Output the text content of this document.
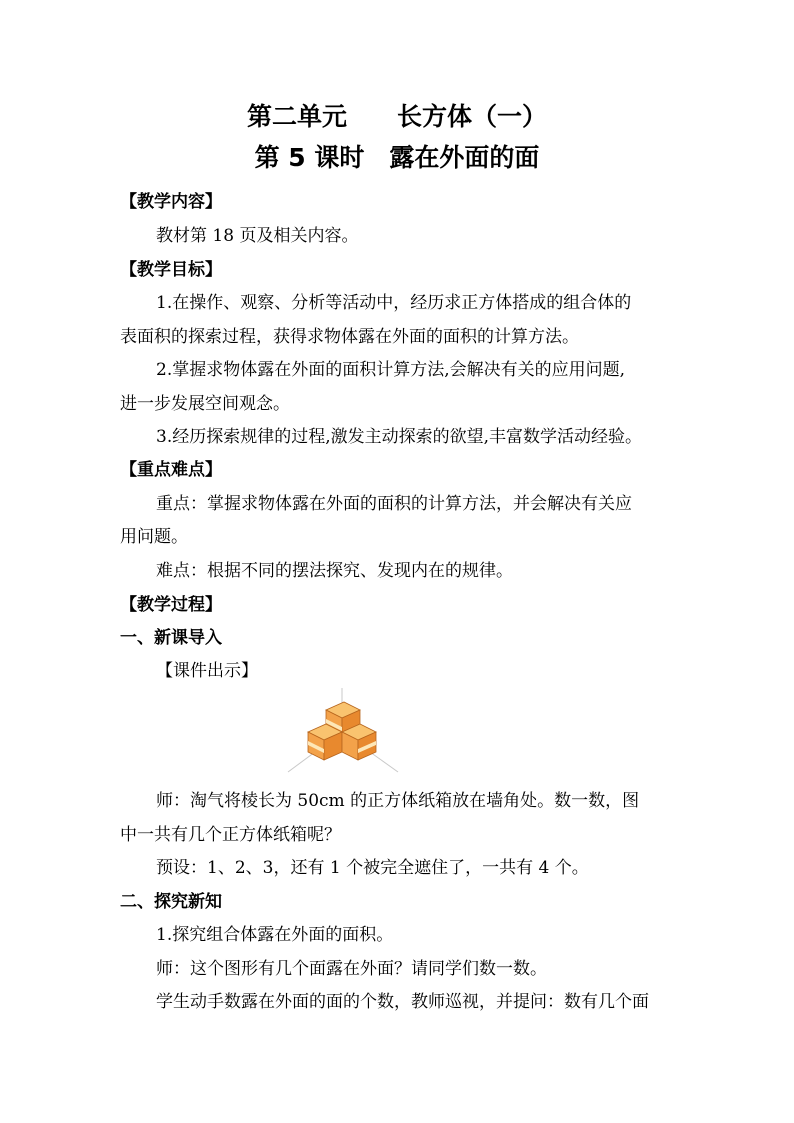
第二单元　　长方体（一）
第 5 课时　露在外面的面
【教学内容】
教材第 18 页及相关内容。
【教学目标】
1.在操作、观察、分析等活动中，经历求正方体搭成的组合体的
表面积的探索过程，获得求物体露在外面的面积的计算方法。
2.掌握求物体露在外面的面积计算方法,会解决有关的应用问题,
进一步发展空间观念。
3.经历探索规律的过程,激发主动探索的欲望,丰富数学活动经验。
【重点难点】
重点：掌握求物体露在外面的面积的计算方法，并会解决有关应
用问题。
难点：根据不同的摆法探究、发现内在的规律。
【教学过程】
一、新课导入
【课件出示】
师：淘气将棱长为 50cm 的正方体纸箱放在墙角处。数一数，图
中一共有几个正方体纸箱呢？
预设：1、2、3，还有 1 个被完全遮住了，一共有 4 个。
二、探究新知
1.探究组合体露在外面的面积。
师：这个图形有几个面露在外面？请同学们数一数。
学生动手数露在外面的面的个数，教师巡视，并提问：数有几个面
